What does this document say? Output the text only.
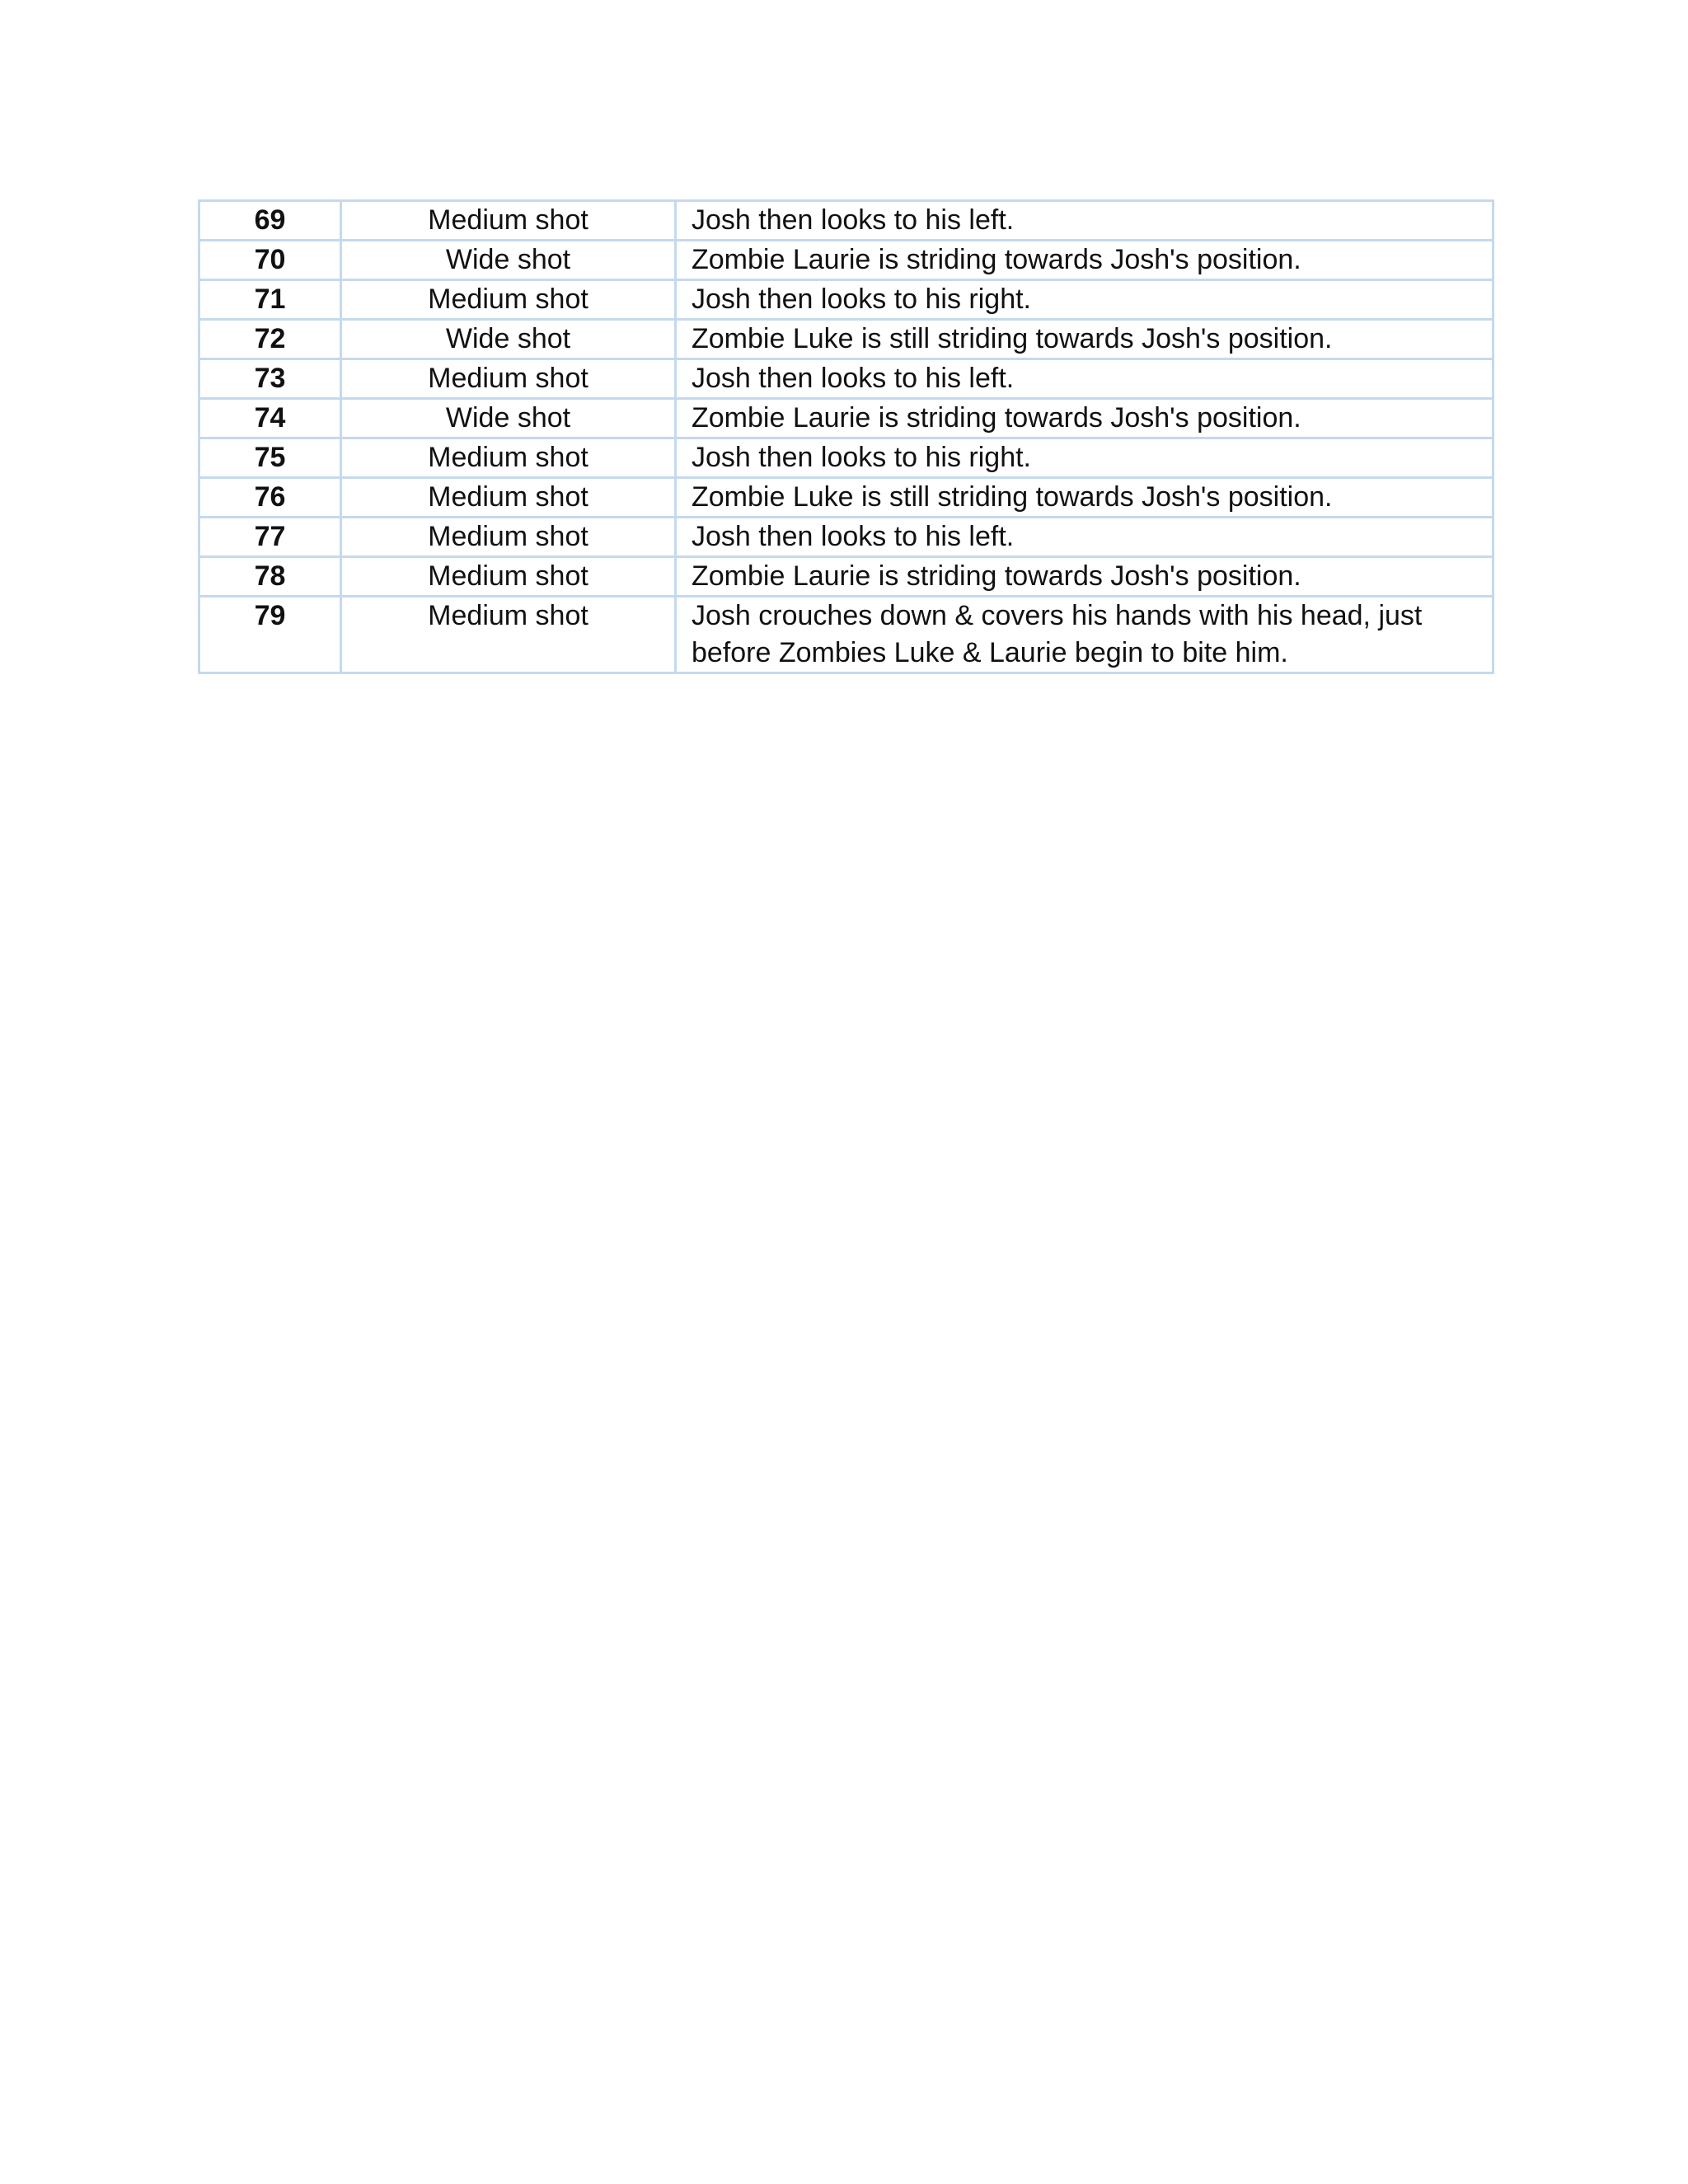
69	Medium shot	Josh then looks to his left.
70	Wide shot	Zombie Laurie is striding towards Josh's position.
71	Medium shot	Josh then looks to his right.
72	Wide shot	Zombie Luke is still striding towards Josh's position.
73	Medium shot	Josh then looks to his left.
74	Wide shot	Zombie Laurie is striding towards Josh's position.
75	Medium shot	Josh then looks to his right.
76	Medium shot	Zombie Luke is still striding towards Josh's position.
77	Medium shot	Josh then looks to his left.
78	Medium shot	Zombie Laurie is striding towards Josh's position.
79	Medium shot	Josh crouches down & covers his hands with his head, just before Zombies Luke & Laurie begin to bite him.
